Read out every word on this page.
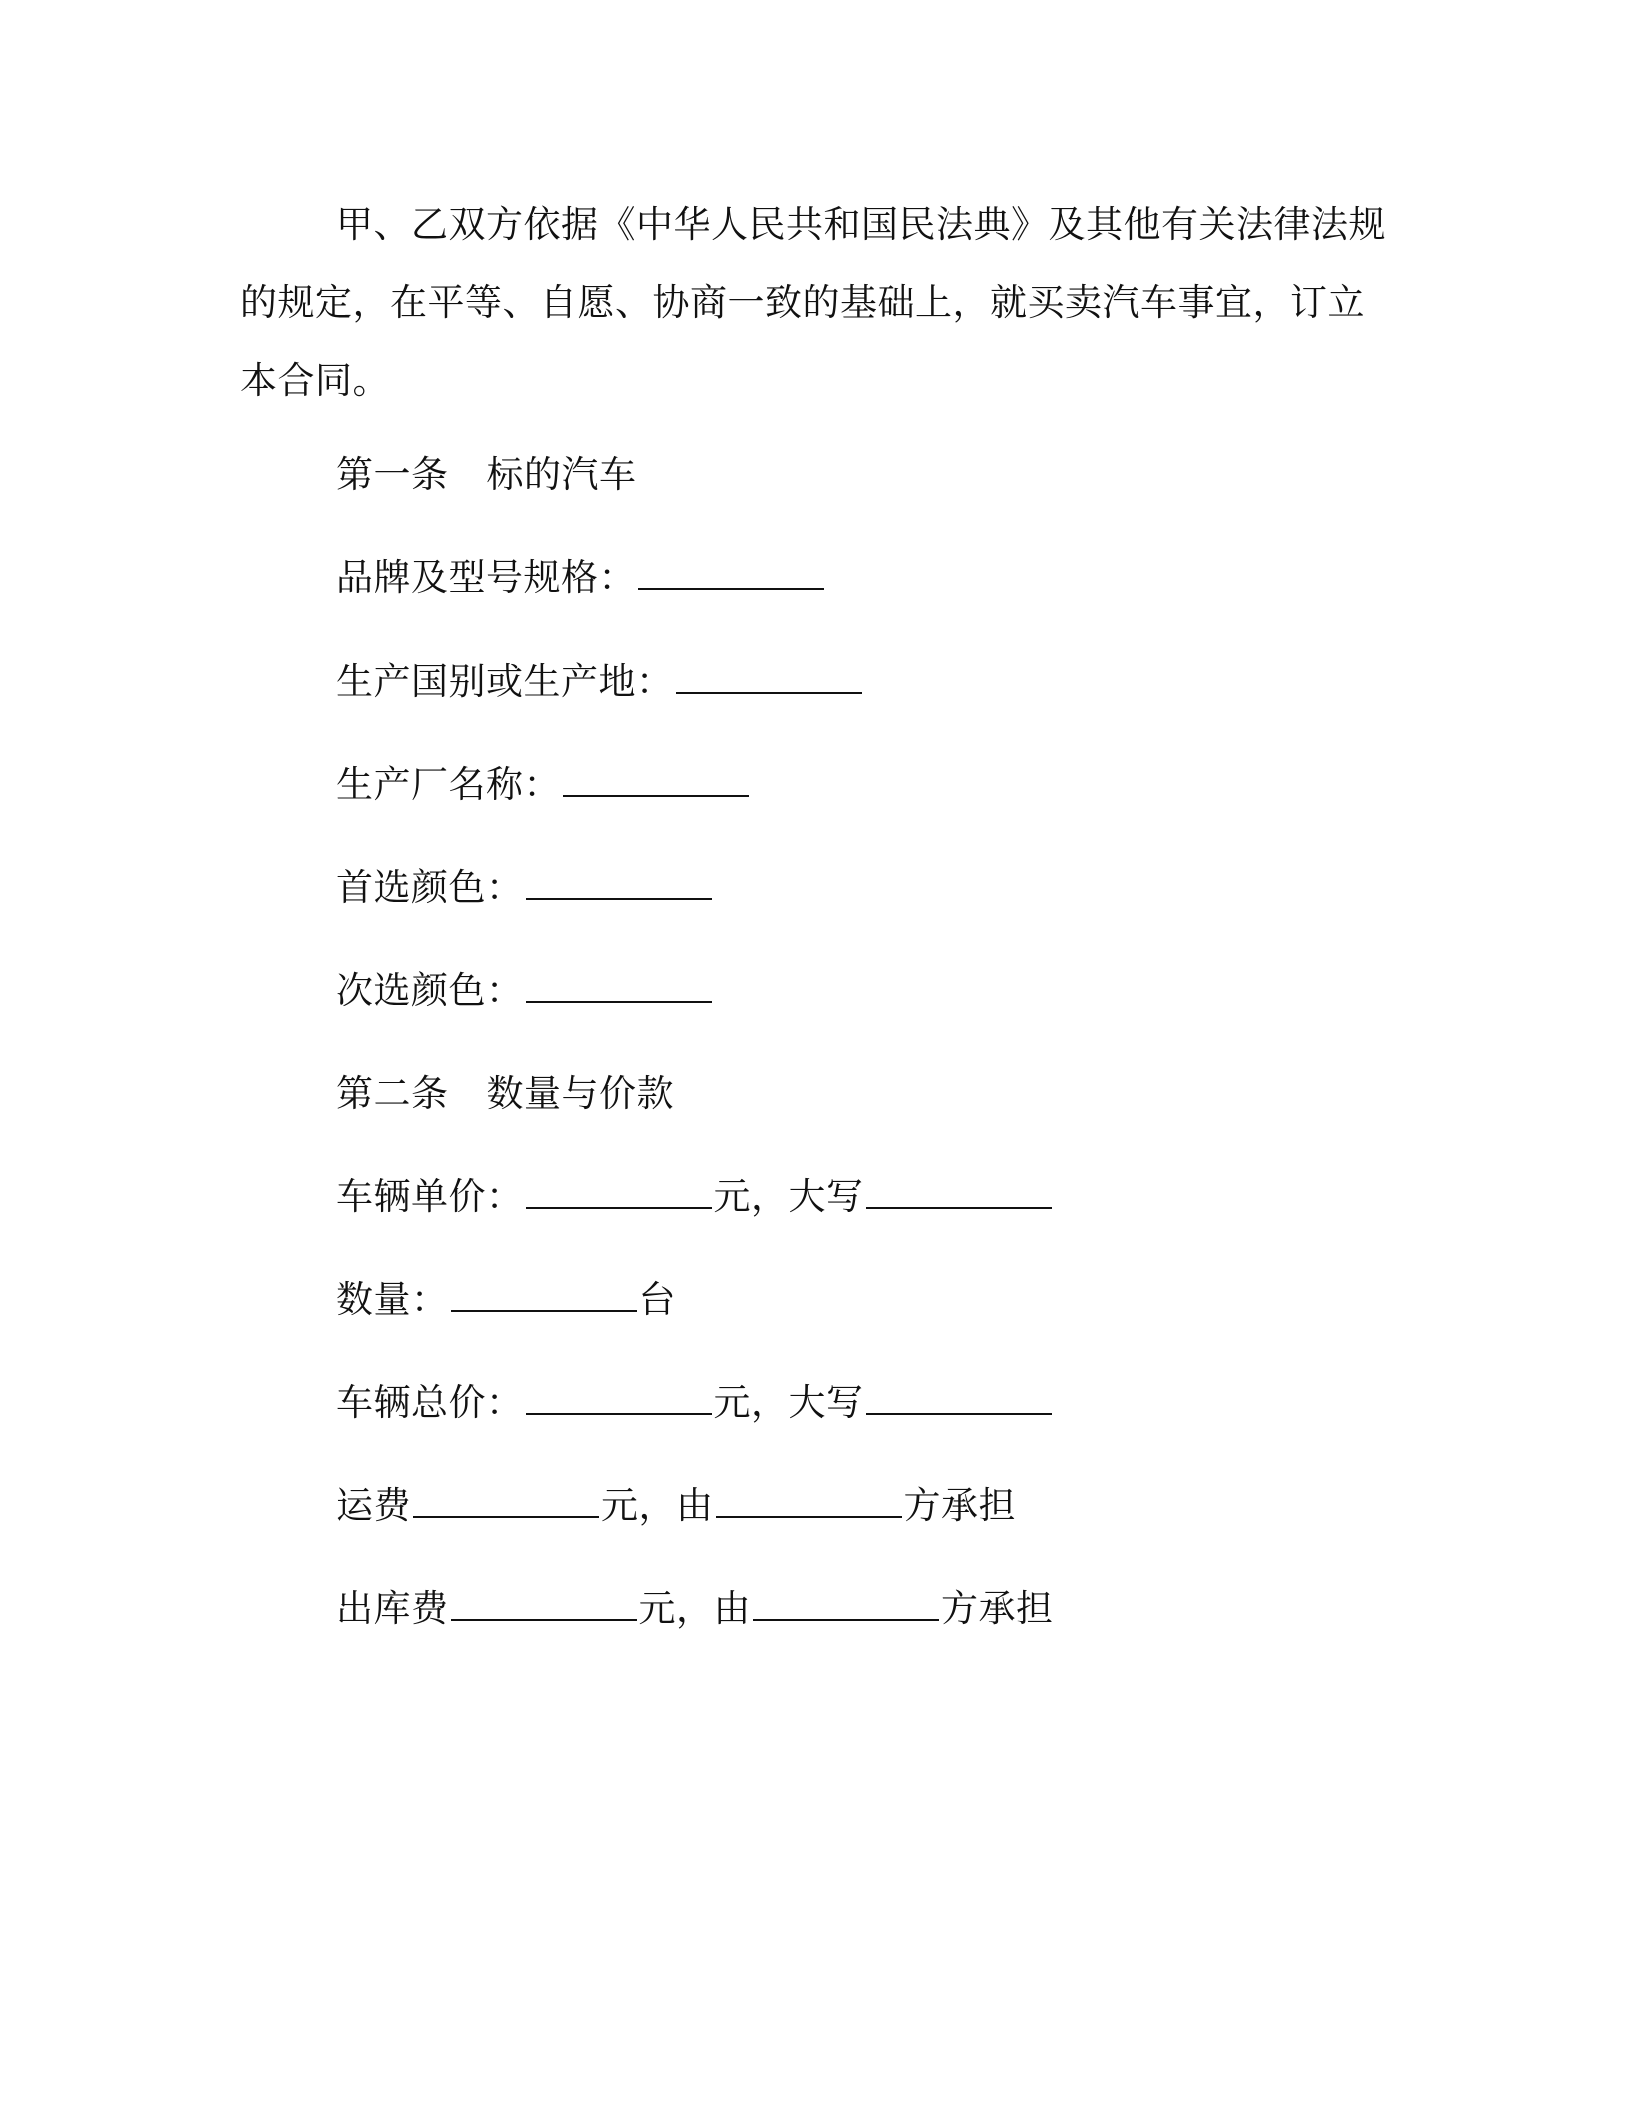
甲、乙双方依据《中华人民共和国民法典》及其他有关法律法规的规定，在平等、自愿、协商一致的基础上，就买卖汽车事宜，订立本合同。
第一条 标的汽车
品牌及型号规格：
生产国别或生产地：
生产厂名称：
首选颜色：
次选颜色：
第二条 数量与价款
车辆单价：	元，大写
数量：	台
车辆总价：	元，大写
运费	元，由	方承担
出库费	元，由	方承担
